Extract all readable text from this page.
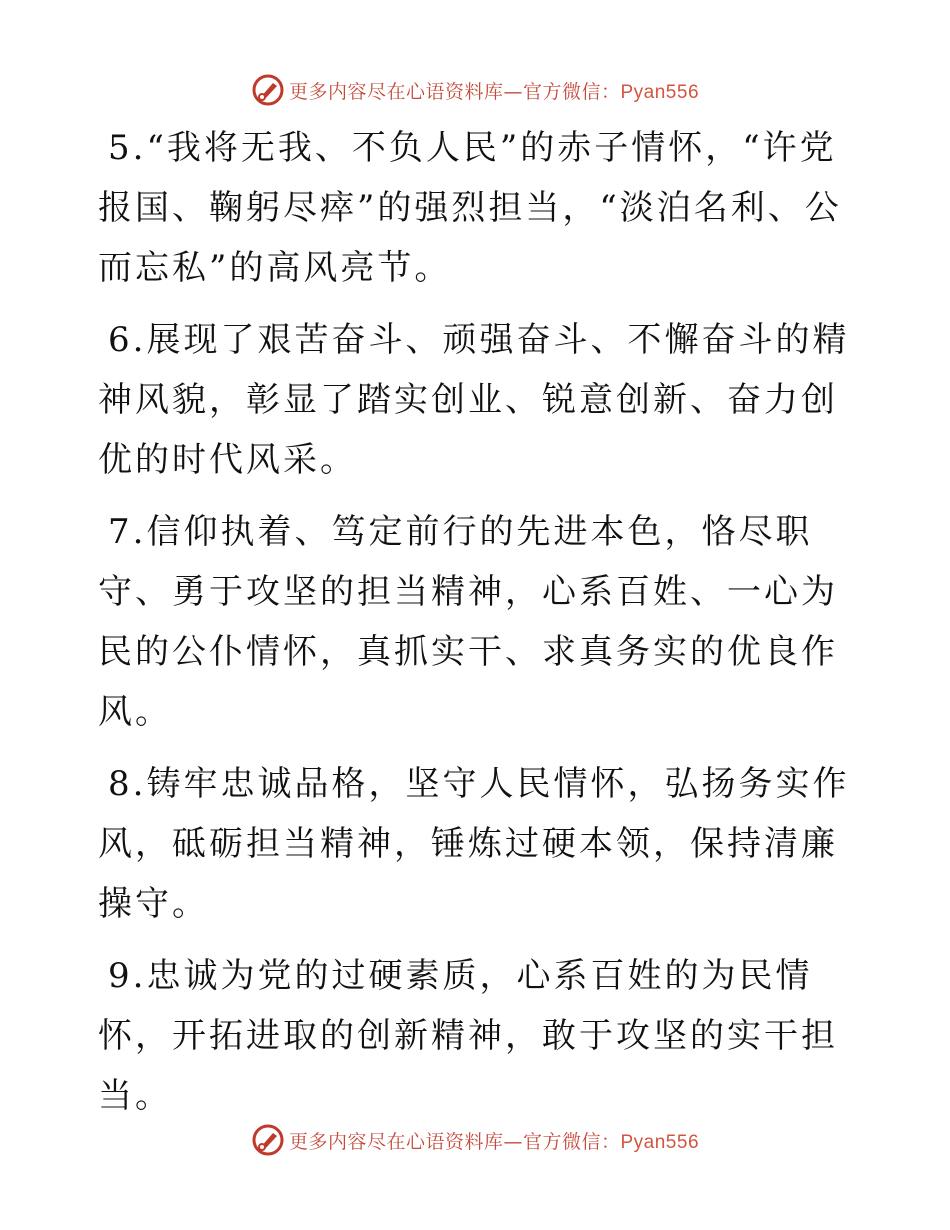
更多内容尽在心语资料库—官方微信：Pyan556

5.“我将无我、不负人民”的赤子情怀，“许党报国、鞠躬尽瘁”的强烈担当，“淡泊名利、公而忘私”的高风亮节。

6.展现了艰苦奋斗、顽强奋斗、不懈奋斗的精神风貌，彰显了踏实创业、锐意创新、奋力创优的时代风采。

7.信仰执着、笃定前行的先进本色，恪尽职守、勇于攻坚的担当精神，心系百姓、一心为民的公仆情怀，真抓实干、求真务实的优良作风。

8.铸牢忠诚品格，坚守人民情怀，弘扬务实作风，砥砺担当精神，锤炼过硬本领，保持清廉操守。

9.忠诚为党的过硬素质，心系百姓的为民情怀，开拓进取的创新精神，敢于攻坚的实干担当。

更多内容尽在心语资料库—官方微信：Pyan556
